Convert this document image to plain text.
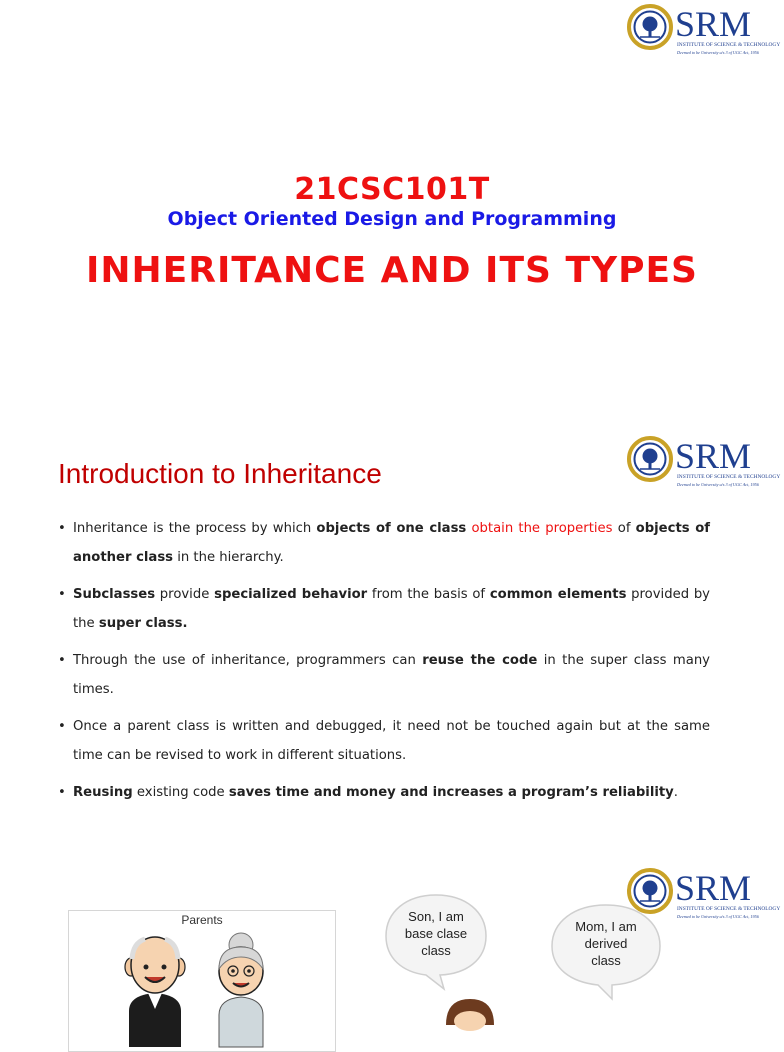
SRM
INSTITUTE OF SCIENCE & TECHNOLOGY
Deemed to be University u/s 3 of UGC Act, 1956
21CSC101T
Object Oriented Design and Programming
INHERITANCE AND ITS TYPES
SRM
INSTITUTE OF SCIENCE & TECHNOLOGY
Deemed to be University u/s 3 of UGC Act, 1956
Introduction to Inheritance
• Inheritance is the process by which objects of one class obtain the properties of objects of another class in the hierarchy.
• Subclasses provide specialized behavior from the basis of common elements provided by the super class.
• Through the use of inheritance, programmers can reuse the code in the super class many times.
• Once a parent class is written and debugged, it need not be touched again but at the same time can be revised to work in different situations.
• Reusing existing code saves time and money and increases a program’s reliability.
SRM
INSTITUTE OF SCIENCE & TECHNOLOGY
Deemed to be University u/s 3 of UGC Act, 1956
Parents	Son, I am
base clase
class
Mom, I am
derived
class
